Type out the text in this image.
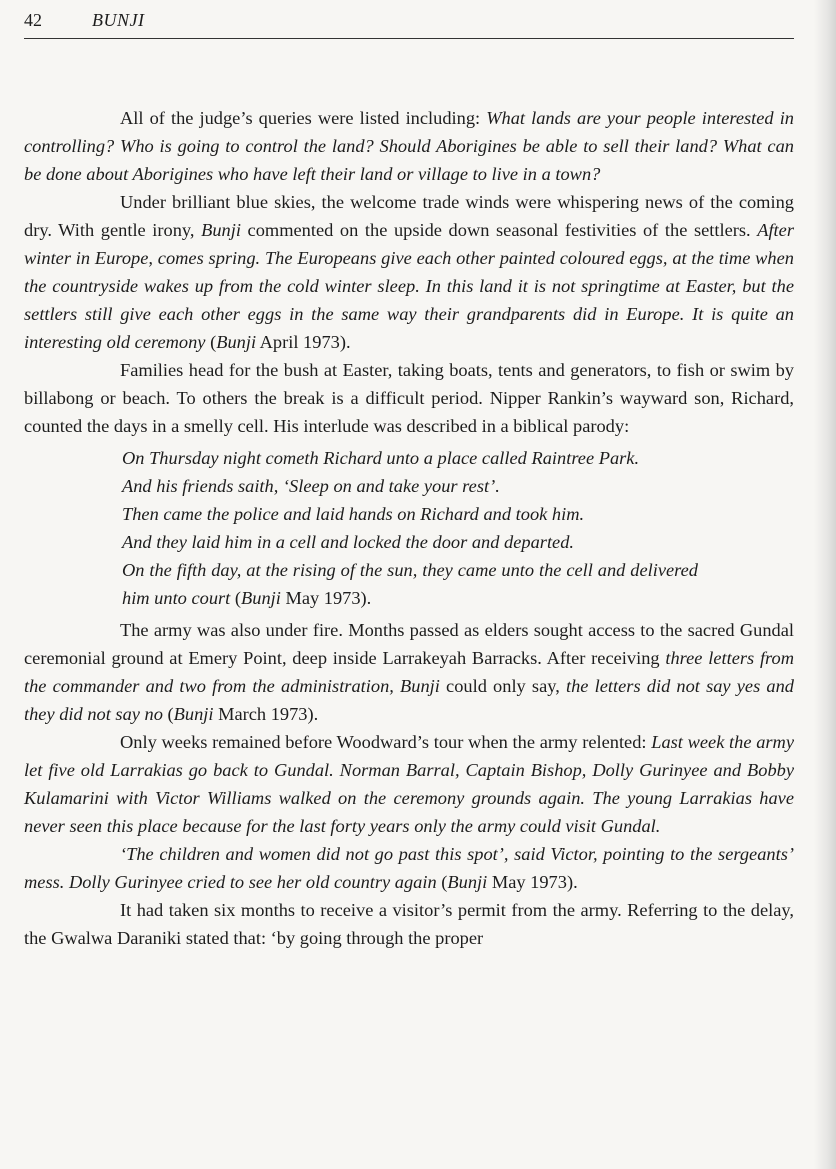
42	BUNJI

All of the judge’s queries were listed including: What lands are your people interested in controlling? Who is going to control the land? Should Aborigines be able to sell their land? What can be done about Aborigines who have left their land or village to live in a town?

Under brilliant blue skies, the welcome trade winds were whispering news of the coming dry. With gentle irony, Bunji commented on the upside down seasonal festivities of the settlers. After winter in Europe, comes spring. The Europeans give each other painted coloured eggs, at the time when the countryside wakes up from the cold winter sleep. In this land it is not springtime at Easter, but the settlers still give each other eggs in the same way their grandparents did in Europe. It is quite an interesting old ceremony (Bunji April 1973).

Families head for the bush at Easter, taking boats, tents and generators, to fish or swim by billabong or beach. To others the break is a difficult period. Nipper Rankin’s wayward son, Richard, counted the days in a smelly cell. His interlude was described in a biblical parody:

On Thursday night cometh Richard unto a place called Raintree Park.
And his friends saith, ‘Sleep on and take your rest’.
Then came the police and laid hands on Richard and took him.
And they laid him in a cell and locked the door and departed.
On the fifth day, at the rising of the sun, they came unto the cell and delivered him unto court (Bunji May 1973).

The army was also under fire. Months passed as elders sought access to the sacred Gundal ceremonial ground at Emery Point, deep inside Larrakeyah Barracks. After receiving three letters from the commander and two from the administration, Bunji could only say, the letters did not say yes and they did not say no (Bunji March 1973).

Only weeks remained before Woodward’s tour when the army relented: Last week the army let five old Larrakias go back to Gundal. Norman Barral, Captain Bishop, Dolly Gurinyee and Bobby Kulamarini with Victor Williams walked on the ceremony grounds again. The young Larrakias have never seen this place because for the last forty years only the army could visit Gundal.

‘The children and women did not go past this spot’, said Victor, pointing to the sergeants’ mess. Dolly Gurinyee cried to see her old country again (Bunji May 1973).

It had taken six months to receive a visitor’s permit from the army. Referring to the delay, the Gwalwa Daraniki stated that: ‘by going through the proper
